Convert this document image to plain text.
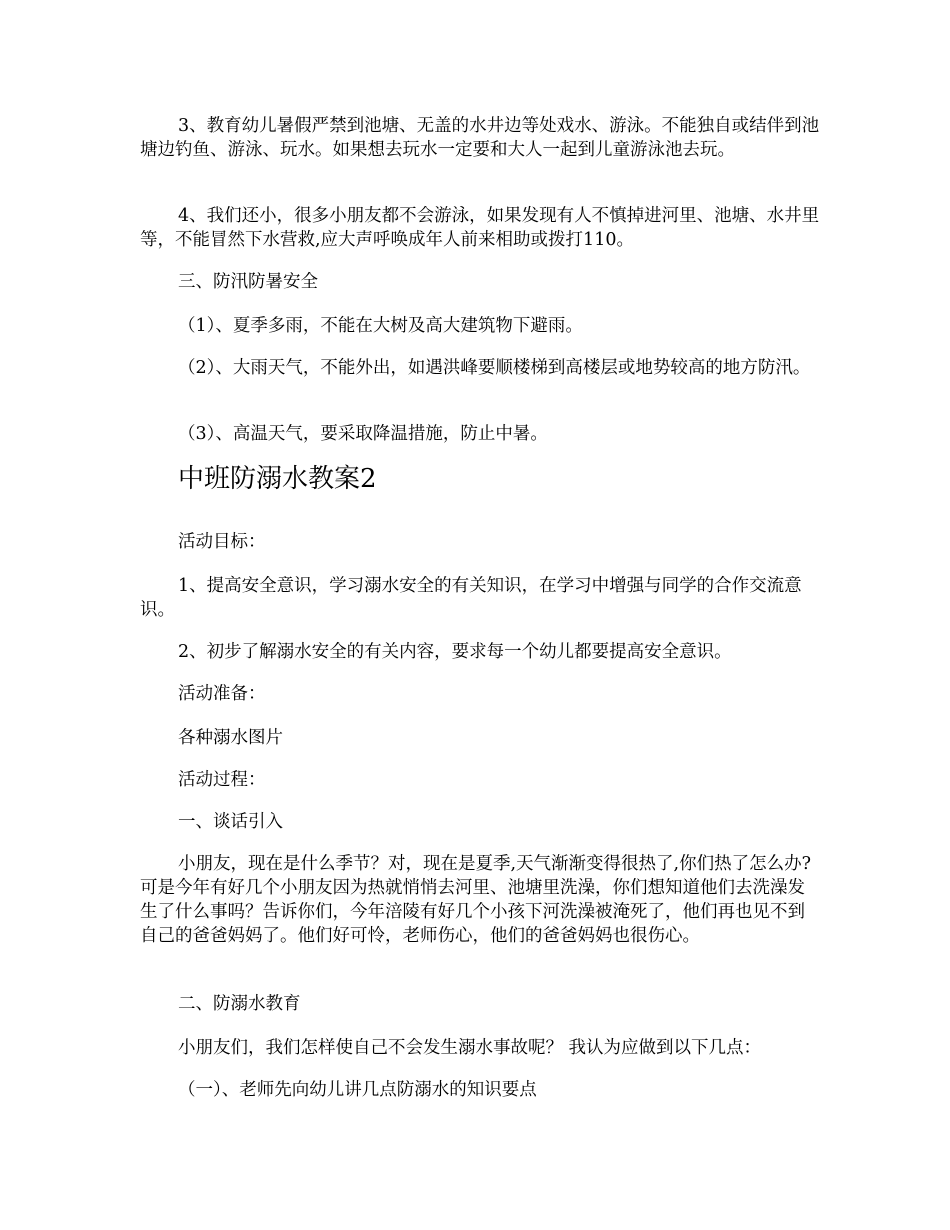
3、教育幼儿暑假严禁到池塘、无盖的水井边等处戏水、游泳。不能独自或结伴到池塘边钓鱼、游泳、玩水。如果想去玩水一定要和大人一起到儿童游泳池去玩。

4、我们还小，很多小朋友都不会游泳，如果发现有人不慎掉进河里、池塘、水井里等，不能冒然下水营救,应大声呼唤成年人前来相助或拨打110。

三、防汛防暑安全

（1）、夏季多雨，不能在大树及高大建筑物下避雨。

（2）、大雨天气，不能外出，如遇洪峰要顺楼梯到高楼层或地势较高的地方防汛。

（3）、高温天气，要采取降温措施，防止中暑。

中班防溺水教案2

活动目标：

1、提高安全意识，学习溺水安全的有关知识，在学习中增强与同学的合作交流意识。

2、初步了解溺水安全的有关内容，要求每一个幼儿都要提高安全意识。

活动准备：

各种溺水图片

活动过程：

一、谈话引入

小朋友，现在是什么季节？对，现在是夏季,天气渐渐变得很热了,你们热了怎么办?可是今年有好几个小朋友因为热就悄悄去河里、池塘里洗澡，你们想知道他们去洗澡发生了什么事吗？告诉你们，今年涪陵有好几个小孩下河洗澡被淹死了，他们再也见不到自己的爸爸妈妈了。他们好可怜，老师伤心，他们的爸爸妈妈也很伤心。

二、防溺水教育

小朋友们，我们怎样使自己不会发生溺水事故呢？ 我认为应做到以下几点：

（一）、老师先向幼儿讲几点防溺水的知识要点
